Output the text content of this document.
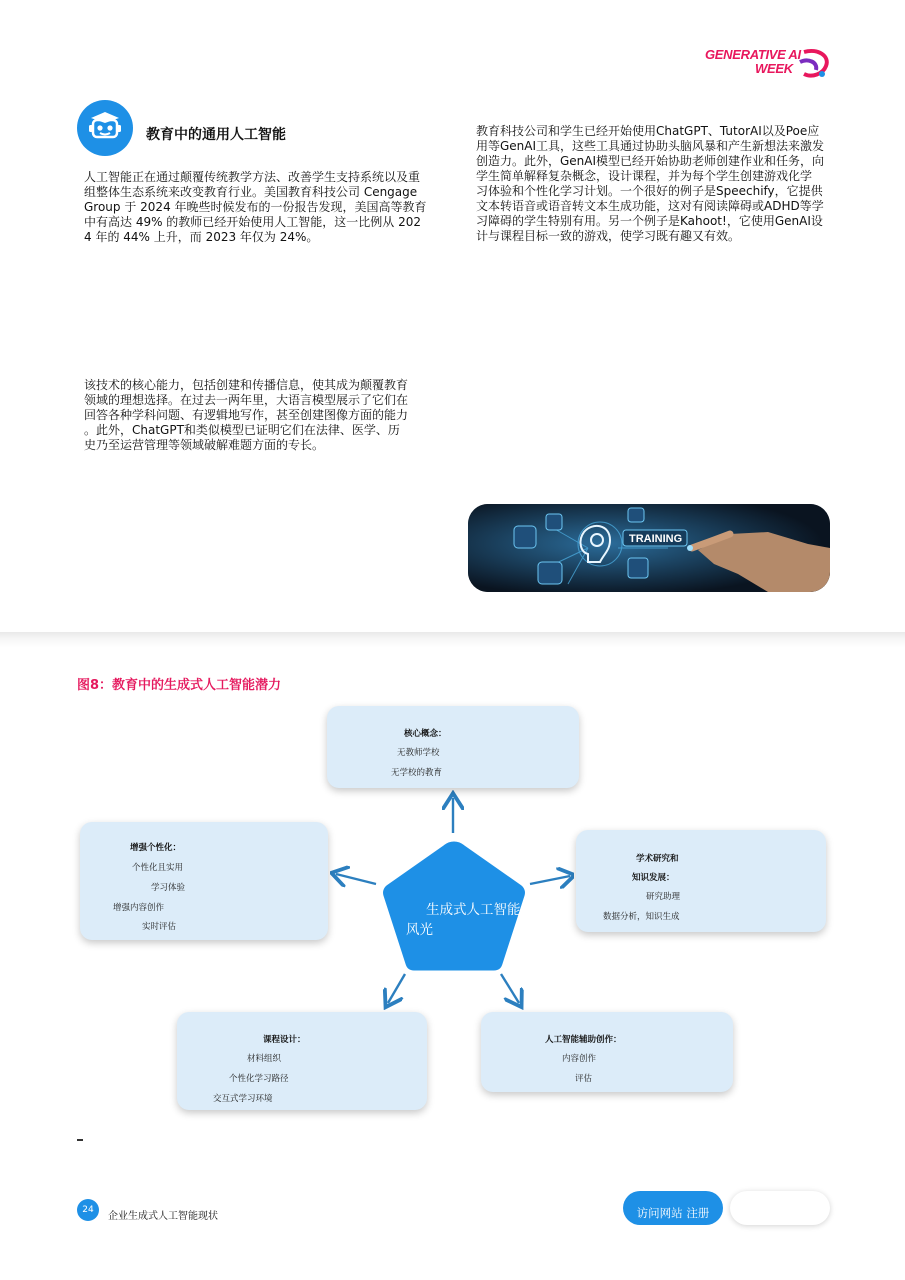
GENERATIVE AI
WEEK
教育中的通用人工智能

人工智能正在通过颠覆传统教学方法、改善学生支持系统以及重
组整体生态系统来改变教育行业。美国教育科技公司 Cengage
Group 于 2024 年晚些时候发布的一份报告发现，美国高等教育
中有高达 49% 的教师已经开始使用人工智能，这一比例从 202
4 年的 44% 上升，而 2023 年仅为 24%。

该技术的核心能力，包括创建和传播信息，使其成为颠覆教育
领域的理想选择。在过去一两年里，大语言模型展示了它们在
回答各种学科问题、有逻辑地写作，甚至创建图像方面的能力
。此外，ChatGPT和类似模型已证明它们在法律、医学、历
史乃至运营管理等领域破解难题方面的专长。

教育科技公司和学生已经开始使用ChatGPT、TutorAI以及Poe应
用等GenAI工具，这些工具通过协助头脑风暴和产生新想法来激发
创造力。此外，GenAI模型已经开始协助老师创建作业和任务，向
学生简单解释复杂概念，设计课程，并为每个学生创建游戏化学
习体验和个性化学习计划。一个很好的例子是Speechify，它提供
文本转语音或语音转文本生成功能，这对有阅读障碍或ADHD等学
习障碍的学生特别有用。另一个例子是Kahoot!，它使用GenAI设
计与课程目标一致的游戏，使学习既有趣又有效。

TRAINING
图8：教育中的生成式人工智能潜力
生成式人工智能
风光
核心概念：
无教师学校
无学校的教育
增强个性化：
个性化且实用
学习体验
增强内容创作
实时评估
学术研究和
知识发展：
研究助理
数据分析，知识生成
课程设计：
材料组织
个性化学习路径
交互式学习环境
人工智能辅助创作：
内容创作
评估
24
企业生成式人工智能现状	访问网站 注册
